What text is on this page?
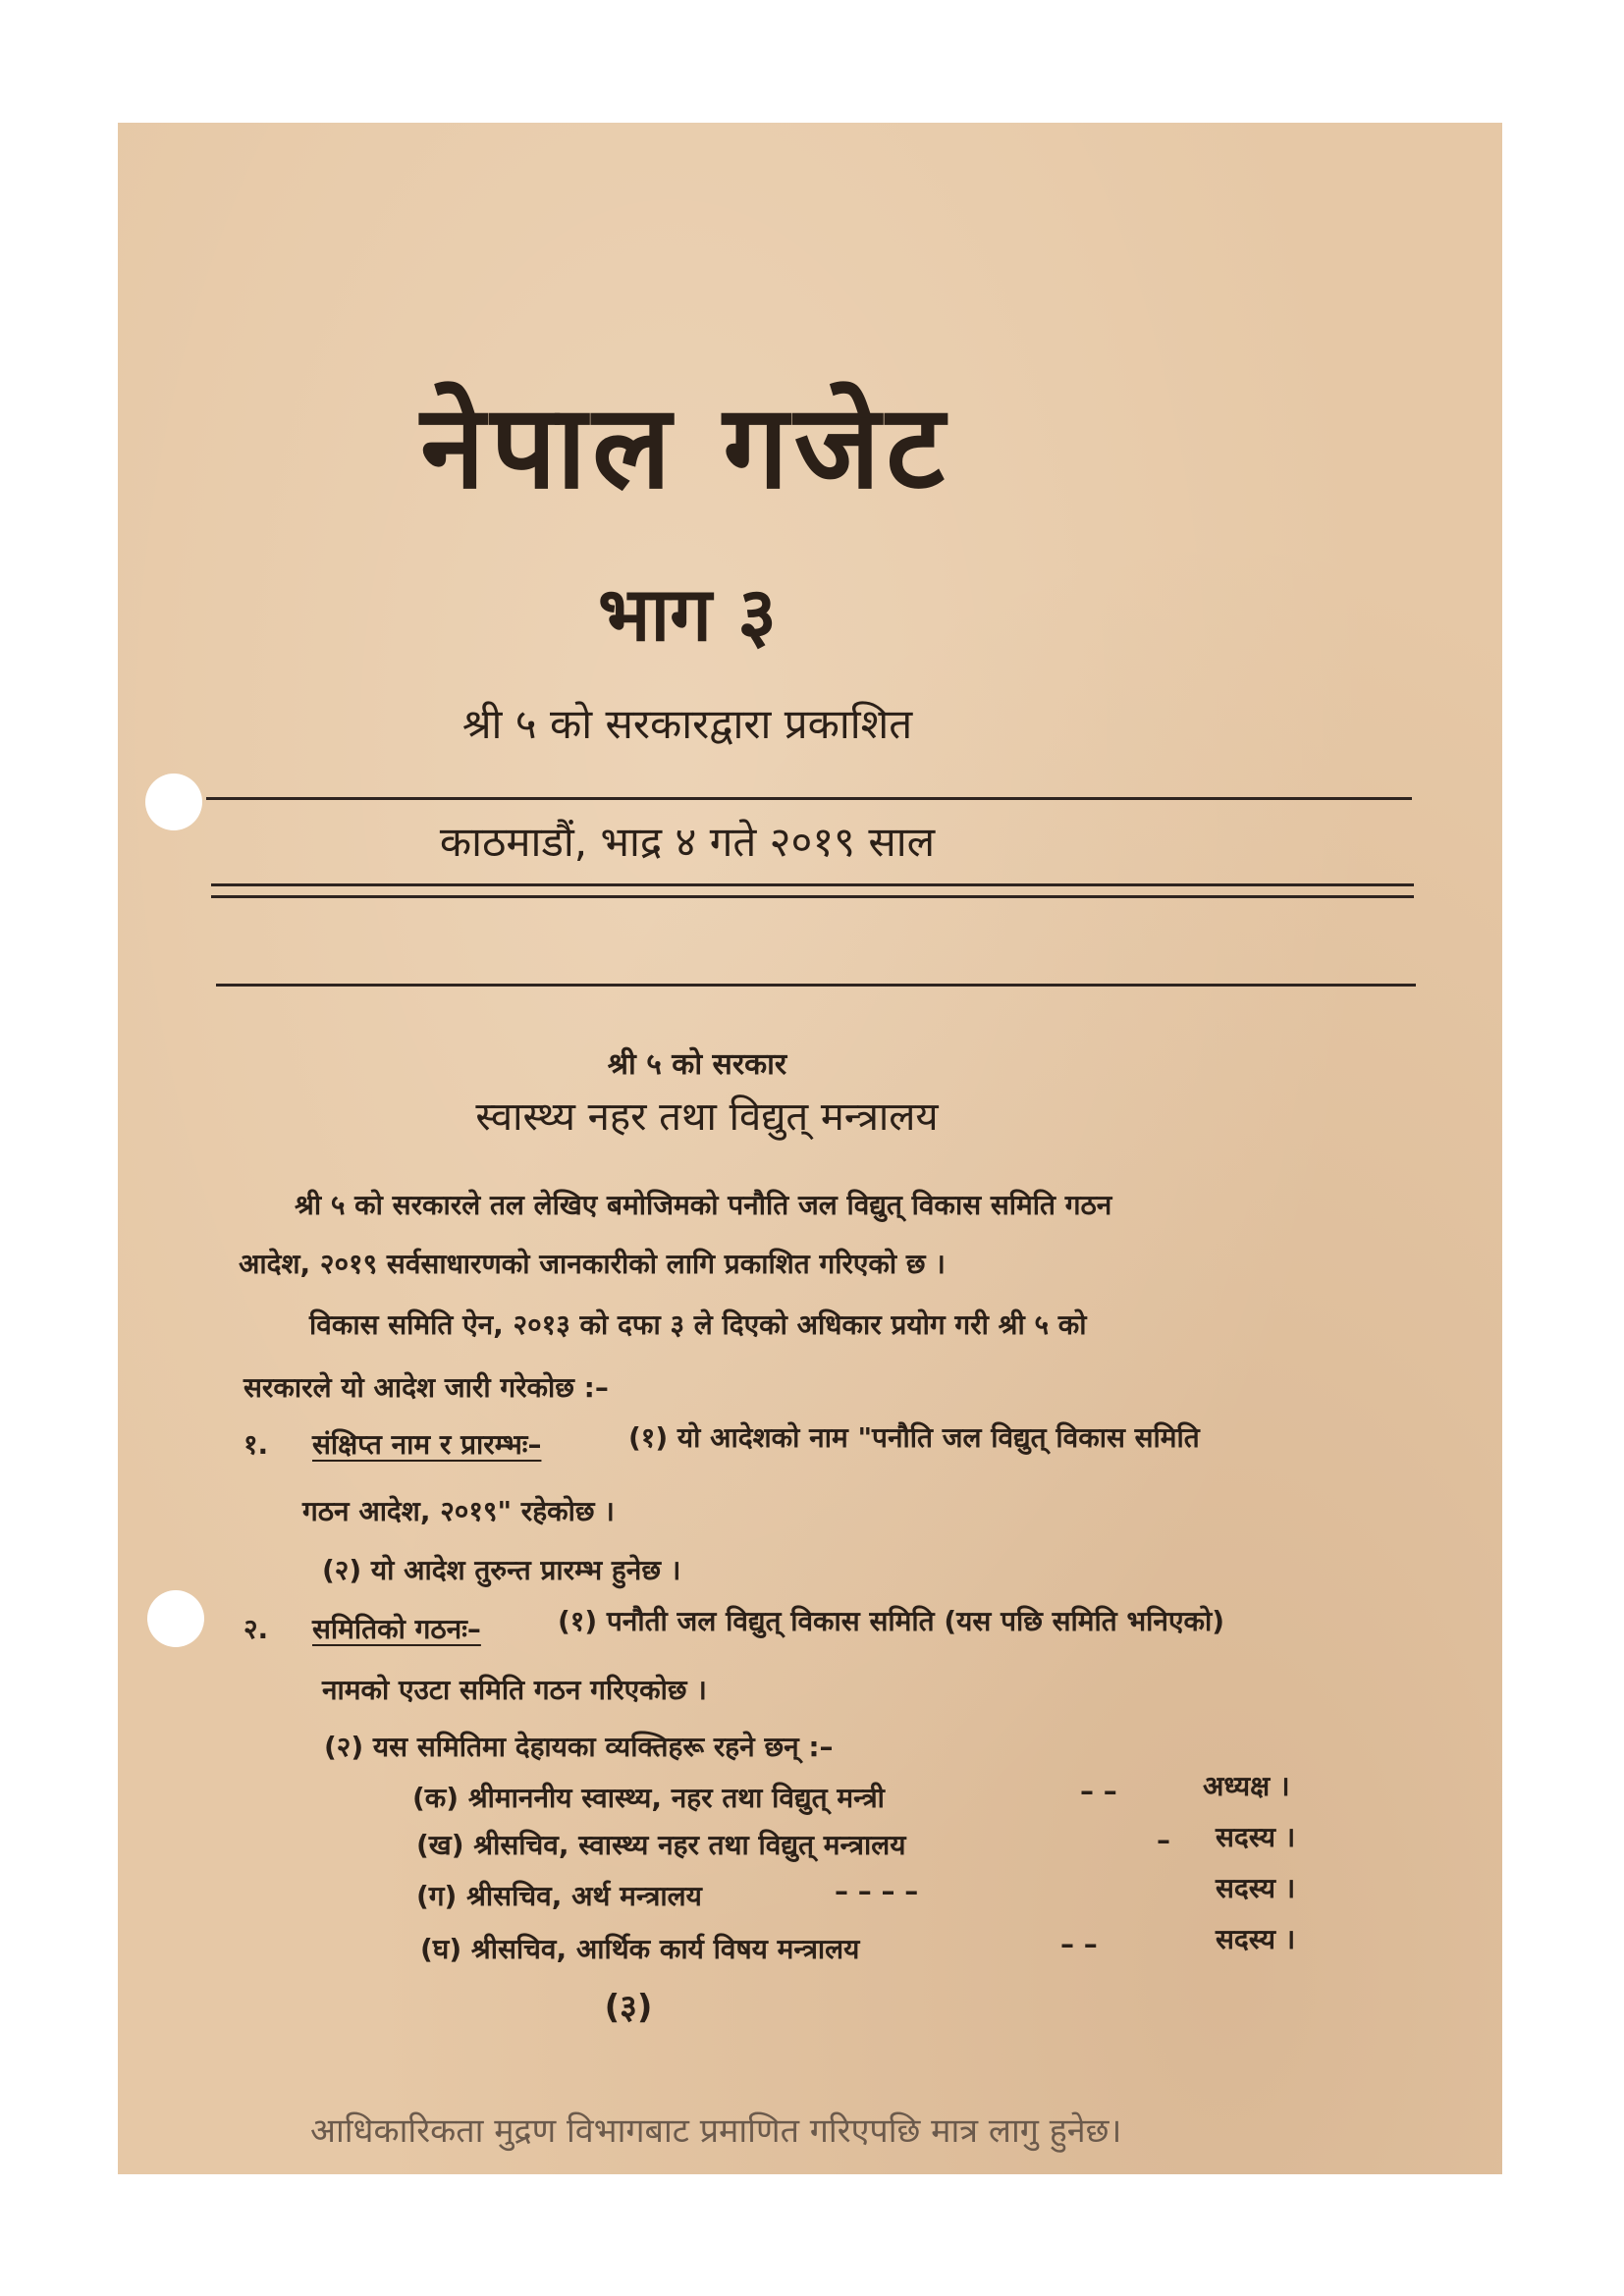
नेपाल गजेट
भाग ३
श्री ५ को सरकारद्वारा प्रकाशित
काठमाडौं, भाद्र ४ गते २०१९ साल
श्री ५ को सरकार
स्वास्थ्य नहर तथा विद्युत् मन्त्रालय
श्री ५ को सरकारले तल लेखिए बमोजिमको पनौति जल विद्युत् विकास समिति गठन
आदेश, २०१९ सर्वसाधारणको जानकारीको लागि प्रकाशित गरिएको छ ।
विकास समिति ऐन, २०१३ को दफा ३ ले दिएको अधिकार प्रयोग गरी श्री ५ को
सरकारले यो आदेश जारी गरेकोछ :–
१. संक्षिप्त नाम र प्रारम्भः–	(१) यो आदेशको नाम "पनौति जल विद्युत् विकास समिति
गठन आदेश, २०१९" रहेकोछ ।
(२) यो आदेश तुरुन्त प्रारम्भ हुनेछ ।
२. समितिको गठनः–	(१) पनौती जल विद्युत् विकास समिति (यस पछि समिति भनिएको)
नामको एउटा समिति गठन गरिएकोछ ।
(२) यस समितिमा देहायका व्यक्तिहरू रहने छन् :–
(क) श्रीमाननीय स्वास्थ्य, नहर तथा विद्युत् मन्त्री	– –	अध्यक्ष ।
(ख) श्रीसचिव, स्वास्थ्य नहर तथा विद्युत् मन्त्रालय	– सदस्य ।
(ग) श्रीसचिव, अर्थ मन्त्रालय	– – – –	सदस्य ।
(घ) श्रीसचिव, आर्थिक कार्य विषय मन्त्रालय	– –	सदस्य ।
(३)
आधिकारिकता मुद्रण विभागबाट प्रमाणित गरिएपछि मात्र लागु हुनेछ।
